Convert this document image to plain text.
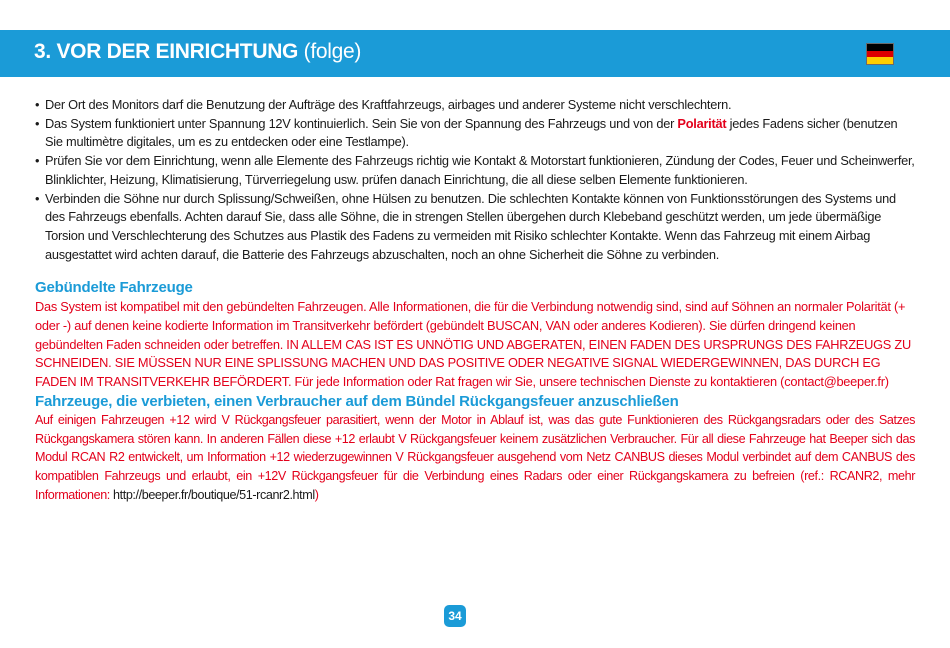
3. VOR DER EINRICHTUNG (folge)
• Der Ort des Monitors darf die Benutzung der Aufträge des Kraftfahrzeugs, airbages und anderer Systeme nicht verschlechtern.
• Das System funktioniert unter Spannung 12V kontinuierlich. Sein Sie von der Spannung des Fahrzeugs und von der Polarität jedes Fadens sicher (benutzen Sie multimètre digitales, um es zu entdecken oder eine Testlampe).
• Prüfen Sie vor dem Einrichtung, wenn alle Elemente des Fahrzeugs richtig wie Kontakt & Motorstart funktionieren, Zündung der Codes, Feuer und Scheinwerfer, Blinklichter, Heizung, Klimatisierung, Türverriegelung usw. prüfen danach Einrichtung, die all diese selben Elemente funktionieren.
• Verbinden die Söhne nur durch Splissung/Schweißen, ohne Hülsen zu benutzen. Die schlechten Kontakte können von Funktionsstörungen des Systems und des Fahrzeugs ebenfalls. Achten darauf Sie, dass alle Söhne, die in strengen Stellen übergehen durch Klebeband geschützt werden, um jede übermäßige Torsion und Verschlechterung des Schutzes aus Plastik des Fadens zu vermeiden mit Risiko schlechter Kontakte. Wenn das Fahrzeug mit einem Airbag ausgestattet wird achten darauf, die Batterie des Fahrzeugs abzuschalten, noch an ohne Sicherheit die Söhne zu verbinden.
Gebündelte Fahrzeuge

Das System ist kompatibel mit den gebündelten Fahrzeugen. Alle Informationen, die für die Verbindung notwendig sind, sind auf Söhnen an normaler Polarität (+ oder -) auf denen keine kodierte Information im Transitverkehr befördert (gebündelt BUSCAN, VAN oder anderes Kodieren). Sie dürfen dringend keinen gebündelten Faden schneiden oder betreffen. IN ALLEM CAS IST ES UNNÖTIG UND ABGERATEN, EINEN FADEN DES URSPRUNGS DES FAHRZEUGS ZU SCHNEIDEN. SIE MÜSSEN NUR EINE SPLISSUNG MACHEN UND DAS POSITIVE ODER NEGATIVE SIGNAL WIEDERGEWINNEN, DAS DURCH EG FADEN IM TRANSITVERKEHR BEFÖRDERT. Für jede Information oder Rat fragen wir Sie, unsere technischen Dienste zu kontaktieren (contact@beeper.fr)

Fahrzeuge, die verbieten, einen Verbraucher auf dem Bündel Rückgangsfeuer anzuschließen

Auf einigen Fahrzeugen +12 wird V Rückgangsfeuer parasitiert, wenn der Motor in Ablauf ist, was das gute Funktionieren des Rückgangsradars oder des Satzes Rückgangskamera stören kann. In anderen Fällen diese +12 erlaubt V Rückgangsfeuer keinem zusätzlichen Verbraucher. Für all diese Fahrzeuge hat Beeper sich das Modul RCAN R2 entwickelt, um Information +12 wiederzugewinnen V Rückgangsfeuer ausgehend vom Netz CANBUS dieses Modul verbindet auf dem CANBUS des kompatiblen Fahrzeugs und erlaubt, ein +12V Rückgangsfeuer für die Verbindung eines Radars oder einer Rückgangskamera zu befreien (ref.: RCANR2, mehr Informationen: http://beeper.fr/boutique/51-rcanr2.html)

34
